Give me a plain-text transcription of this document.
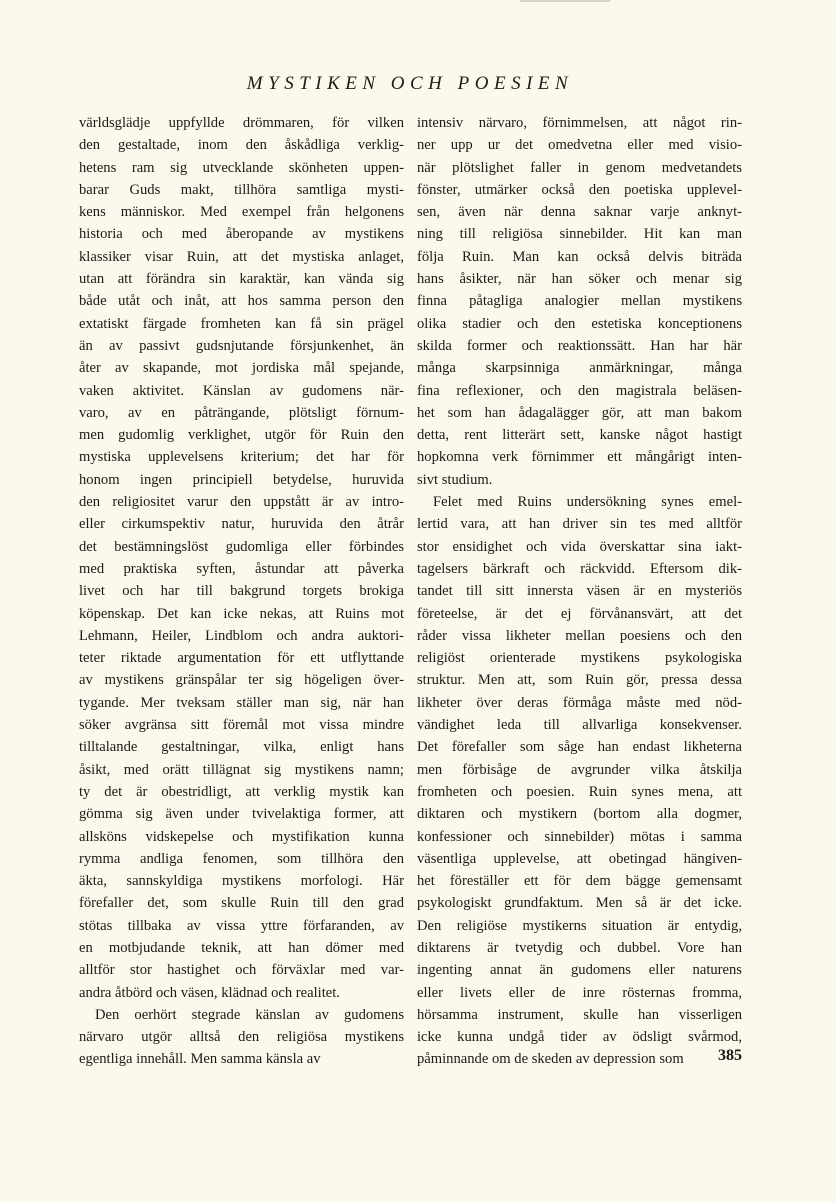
MYSTIKEN OCH POESIEN
världsglädje uppfyllde drömmaren, för vilken
den gestaltade, inom den åskådliga verklig-
hetens ram sig utvecklande skönheten uppen-
barar Guds makt, tillhöra samtliga mysti-
kens människor. Med exempel från helgonens
historia och med åberopande av mystikens
klassiker visar Ruin, att det mystiska anlaget,
utan att förändra sin karaktär, kan vända sig
både utåt och inåt, att hos samma person den
extatiskt färgade fromheten kan få sin prägel
än av passivt gudsnjutande försjunkenhet, än
åter av skapande, mot jordiska mål spejande,
vaken aktivitet. Känslan av gudomens när-
varo, av en påträngande, plötsligt förnum-
men gudomlig verklighet, utgör för Ruin den
mystiska upplevelsens kriterium; det har för
honom ingen principiell betydelse, huruvida
den religiositet varur den uppstått är av intro-
eller cirkumspektiv natur, huruvida den åtrår
det bestämningslöst gudomliga eller förbindes
med praktiska syften, åstundar att påverka
livet och har till bakgrund torgets brokiga
köpenskap. Det kan icke nekas, att Ruins mot
Lehmann, Heiler, Lindblom och andra auktori-
teter riktade argumentation för ett utflyttande
av mystikens gränspålar ter sig högeligen över-
tygande. Mer tveksam ställer man sig, när han
söker avgränsa sitt föremål mot vissa mindre
tilltalande gestaltningar, vilka, enligt hans
åsikt, med orätt tillägnat sig mystikens namn;
ty det är obestridligt, att verklig mystik kan
gömma sig även under tvivelaktiga former, att
allsköns vidskepelse och mystifikation kunna
rymma andliga fenomen, som tillhöra den
äkta, sannskyldiga mystikens morfologi. Här
förefaller det, som skulle Ruin till den grad
stötas tillbaka av vissa yttre förfaranden, av
en motbjudande teknik, att han dömer med
alltför stor hastighet och förväxlar med var-
andra åtbörd och väsen, klädnad och realitet.
Den oerhört stegrade känslan av gudomens
närvaro utgör alltså den religiösa mystikens
egentliga innehåll. Men samma känsla av
intensiv närvaro, förnimmelsen, att något rin-
ner upp ur det omedvetna eller med visio-
när plötslighet faller in genom medvetandets
fönster, utmärker också den poetiska upplevel-
sen, även när denna saknar varje anknyt-
ning till religiösa sinnebilder. Hit kan man
följa Ruin. Man kan också delvis biträda
hans åsikter, när han söker och menar sig
finna påtagliga analogier mellan mystikens
olika stadier och den estetiska konceptionens
skilda former och reaktionssätt. Han har här
många skarpsinniga anmärkningar, många
fina reflexioner, och den magistrala beläsen-
het som han ådagalägger gör, att man bakom
detta, rent litterärt sett, kanske något hastigt
hopkomna verk förnimmer ett mångårigt inten-
sivt studium.
Felet med Ruins undersökning synes emel-
lertid vara, att han driver sin tes med alltför
stor ensidighet och vida överskattar sina iakt-
tagelsers bärkraft och räckvidd. Eftersom dik-
tandet till sitt innersta väsen är en mysteriös
företeelse, är det ej förvånansvärt, att det
råder vissa likheter mellan poesiens och den
religiöst orienterade mystikens psykologiska
struktur. Men att, som Ruin gör, pressa dessa
likheter över deras förmåga måste med nöd-
vändighet leda till allvarliga konsekvenser.
Det förefaller som såge han endast likheterna
men förbisåge de avgrunder vilka åtskilja
fromheten och poesien. Ruin synes mena, att
diktaren och mystikern (bortom alla dogmer,
konfessioner och sinnebilder) mötas i samma
väsentliga upplevelse, att obetingad hängiven-
het föreställer ett för dem bägge gemensamt
psykologiskt grundfaktum. Men så är det icke.
Den religiöse mystikerns situation är entydig,
diktarens är tvetydig och dubbel. Vore han
ingenting annat än gudomens eller naturens
eller livets eller de inre rösternas fromma,
hörsamma instrument, skulle han visserligen
icke kunna undgå tider av ödsligt svårmod,
påminnande om de skeden av depression som	385
